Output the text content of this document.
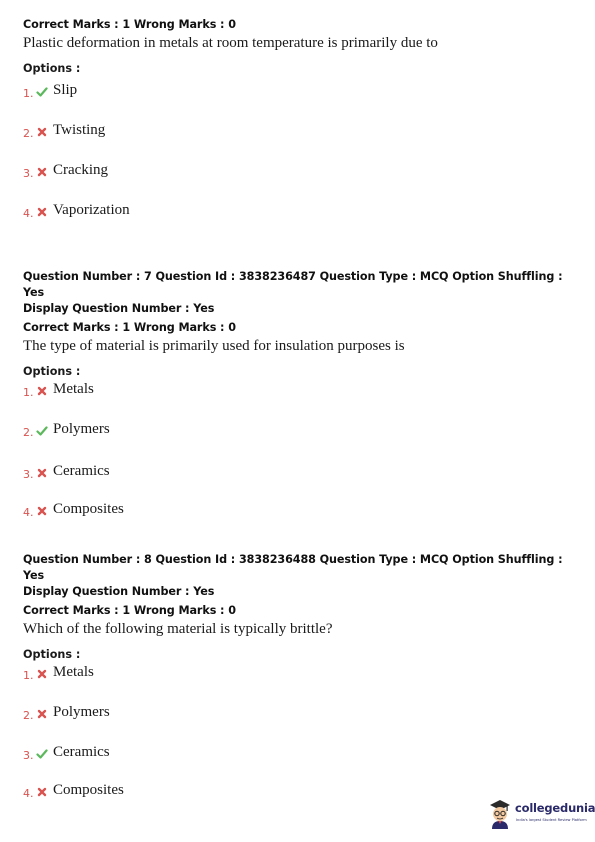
Correct Marks : 1 Wrong Marks : 0
Plastic deformation in metals at room temperature is primarily due to
Options :
1. Slip
2. Twisting
3. Cracking
4. Vaporization
Question Number : 7 Question Id : 3838236487 Question Type : MCQ Option Shuffling : Yes
Display Question Number : Yes
Correct Marks : 1 Wrong Marks : 0
The type of material is primarily used for insulation purposes is
Options :
1. Metals
2. Polymers
3. Ceramics
4. Composites
Question Number : 8 Question Id : 3838236488 Question Type : MCQ Option Shuffling : Yes
Display Question Number : Yes
Correct Marks : 1 Wrong Marks : 0
Which of the following material is typically brittle?
Options :
1. Metals
2. Polymers
3. Ceramics
4. Composites
collegedunia
India's largest Student Review Platform
